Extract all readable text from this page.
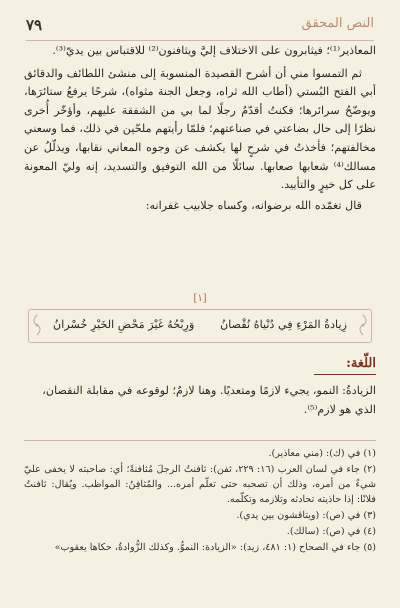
النص المحقق
٧٩

المعاذير⁽¹⁾؛ فيثابرون على الاختلاف إليَّ ويثافنون⁽²⁾ للاقتباس بين يديّ⁽³⁾.

ثم التمسوا مني أن أشرح القصيدة المنسوبة إلى منشئ اللطائف والدقائق أبي الفتح البُستي (أطاب الله ثراه، وجعل الجنة مثواه)، شرحًا يرفعُ ستائرَها، ويوضّحُ سرائرها؛ فكنتُ أقدّمُ رجلًا لما بي من الشفقة عليهم، وأؤخّر أُخرى نظرًا إلى حال بضاعتي في صناعتهم؛ فلمّا رأيتهم ملحّين في ذلك، فما وسعني مخالفتهم؛ فأخذتُ في شرحٍ لها يكشف عن وجوه المعاني نقابها، ويذلّلُ عن مسالك⁽⁴⁾ شعابها صعابها. سائلًا من الله التوفيق والتسديد، إنه وليّ المعونة على كل خيرٍ والتأييد.

قال تغمّده الله برضوانه، وكساه جلابيب غفرانه:

[١]
زِيادةُ المَرْءِ فِي دُنْياهُ نُقْصانُ
وَرِبْحُهُ غَيْرَ مَحْضِ الخَيْرِ خُسْرانُ
اللّغة:

الزيادةُ: النمو، يجيء لازمًا ومتعديًا. وهنا لازمٌ؛ لوقوعه في مقابلة النقصان، الذي هو لازم⁽⁵⁾.

(١) في (ك): (مني معاذير).

(٢) جاء في لسان العرب (١٦: ٢٢٩، ثفن): ثافنتُ الرجلَ مُثافنةً؛ أي: صاحبته لا يخفى عليّ شيءٌ من أمره، وذلك أن تصحبه حتى تعلّم أمره... والمُثافِنُ: المواظب. ويُقال: ثافنتُ فلانًا: إذا حاذيته تحادثه وتلازمه وتكلّمه.

(٣) في (ص): (ويتاقشون بين يدي).

(٤) في (ص): (سالك).

(٥) جاء في الصحاح (١: ٤٨١، زيد): «الزيادة: النموُّ. وكذلك الزُّوادةُ، حكاها يعقوب»
